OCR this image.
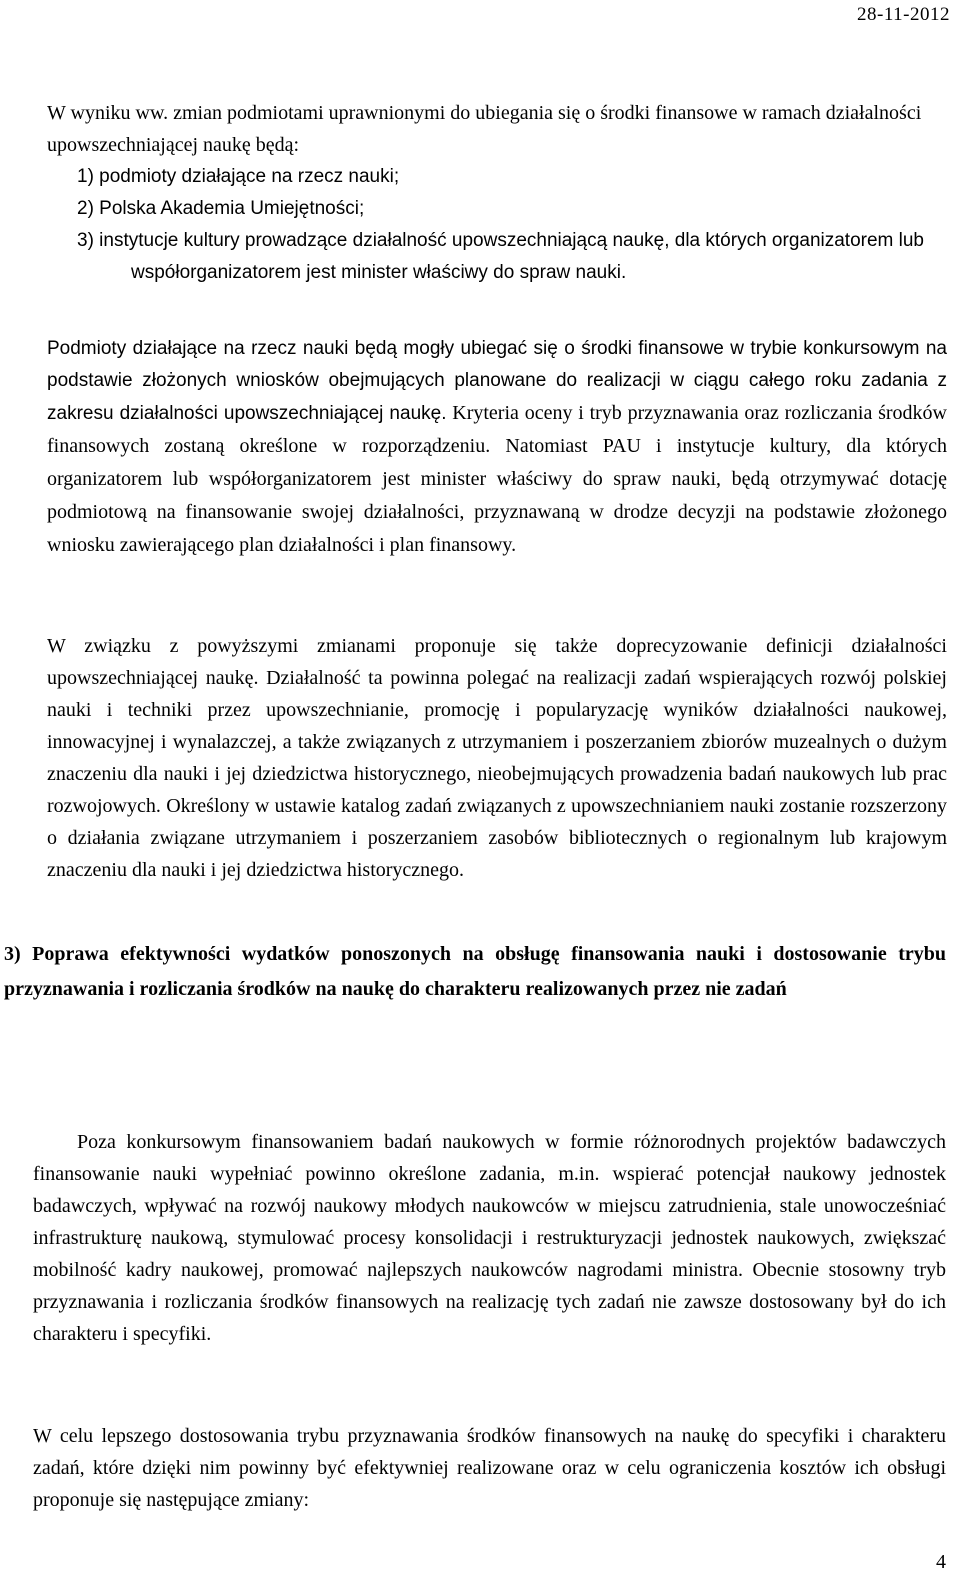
28-11-2012
W wyniku ww. zmian podmiotami uprawnionymi do ubiegania się o środki finansowe w ramach działalności upowszechniającej naukę będą:
1) podmioty działające na rzecz nauki;
2) Polska Akademia Umiejętności;
3) instytucje kultury prowadzące działalność upowszechniającą naukę, dla których organizatorem lub współorganizatorem jest minister właściwy do spraw nauki.

Podmioty działające na rzecz nauki będą mogły ubiegać się o środki finansowe w trybie konkursowym na podstawie złożonych wniosków obejmujących planowane do realizacji w ciągu całego roku zadania z zakresu działalności upowszechniającej naukę. Kryteria oceny i tryb przyznawania oraz rozliczania środków finansowych zostaną określone w rozporządzeniu. Natomiast PAU i instytucje kultury, dla których organizatorem lub współorganizatorem jest minister właściwy do spraw nauki, będą otrzymywać dotację podmiotową na finansowanie swojej działalności, przyznawaną w drodze decyzji na podstawie złożonego wniosku zawierającego plan działalności i plan finansowy.

W związku z powyższymi zmianami proponuje się także doprecyzowanie definicji działalności upowszechniającej naukę. Działalność ta powinna polegać na realizacji zadań wspierających rozwój polskiej nauki i techniki przez upowszechnianie, promocję i popularyzację wyników działalności naukowej, innowacyjnej i wynalazczej, a także związanych z utrzymaniem i poszerzaniem zbiorów muzealnych o dużym znaczeniu dla nauki i jej dziedzictwa historycznego, nieobejmujących prowadzenia badań naukowych lub prac rozwojowych. Określony w ustawie katalog zadań związanych z upowszechnianiem nauki zostanie rozszerzony o działania związane utrzymaniem i poszerzaniem zasobów bibliotecznych o regionalnym lub krajowym znaczeniu dla nauki i jej dziedzictwa historycznego.

3) Poprawa efektywności wydatków ponoszonych na obsługę finansowania nauki i dostosowanie trybu przyznawania i rozliczania środków na naukę do charakteru realizowanych przez nie zadań

Poza konkursowym finansowaniem badań naukowych w formie różnorodnych projektów badawczych finansowanie nauki wypełniać powinno określone zadania, m.in. wspierać potencjał naukowy jednostek badawczych, wpływać na rozwój naukowy młodych naukowców w miejscu zatrudnienia, stale unowocześniać infrastrukturę naukową, stymulować procesy konsolidacji i restrukturyzacji jednostek naukowych, zwiększać mobilność kadry naukowej, promować najlepszych naukowców nagrodami ministra. Obecnie stosowny tryb przyznawania i rozliczania środków finansowych na realizację tych zadań nie zawsze dostosowany był do ich charakteru i specyfiki.

W celu lepszego dostosowania trybu przyznawania środków finansowych na naukę do specyfiki i charakteru zadań, które dzięki nim powinny być efektywniej realizowane oraz w celu ograniczenia kosztów ich obsługi proponuje się następujące zmiany:

4
